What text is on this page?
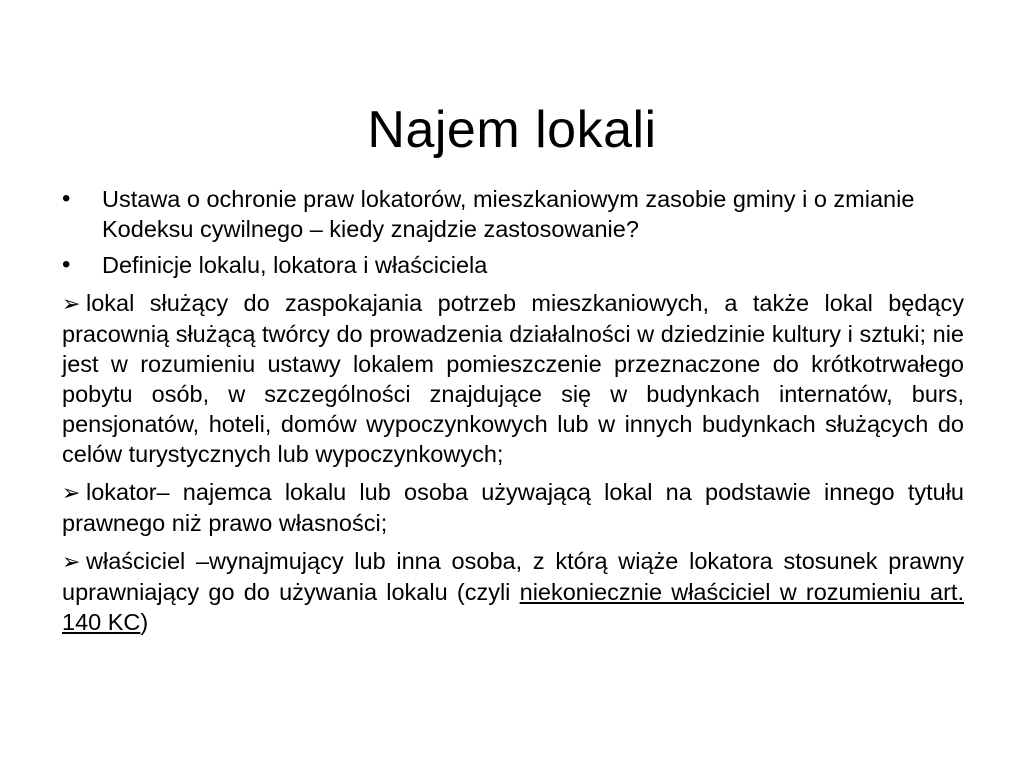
Najem lokali
•	Ustawa o ochronie praw lokatorów, mieszkaniowym zasobie gminy i o zmianie Kodeksu cywilnego – kiedy znajdzie zastosowanie?
•	Definicje lokalu, lokatora i właściciela
➢ lokal służący do zaspokajania potrzeb mieszkaniowych, a także lokal będący pracownią służącą twórcy do prowadzenia działalności w dziedzinie kultury i sztuki; nie jest w rozumieniu ustawy lokalem pomieszczenie przeznaczone do krótkotrwałego pobytu osób, w szczególności znajdujące się w budynkach internatów, burs, pensjonatów, hoteli, domów wypoczynkowych lub w innych budynkach służących do celów turystycznych lub wypoczynkowych;
➢ lokator– najemca lokalu lub osoba używającą lokal na podstawie innego tytułu prawnego niż prawo własności;
➢ właściciel –wynajmujący lub inna osoba, z którą wiąże lokatora stosunek prawny uprawniający go do używania lokalu (czyli niekoniecznie właściciel w rozumieniu art. 140 KC)
